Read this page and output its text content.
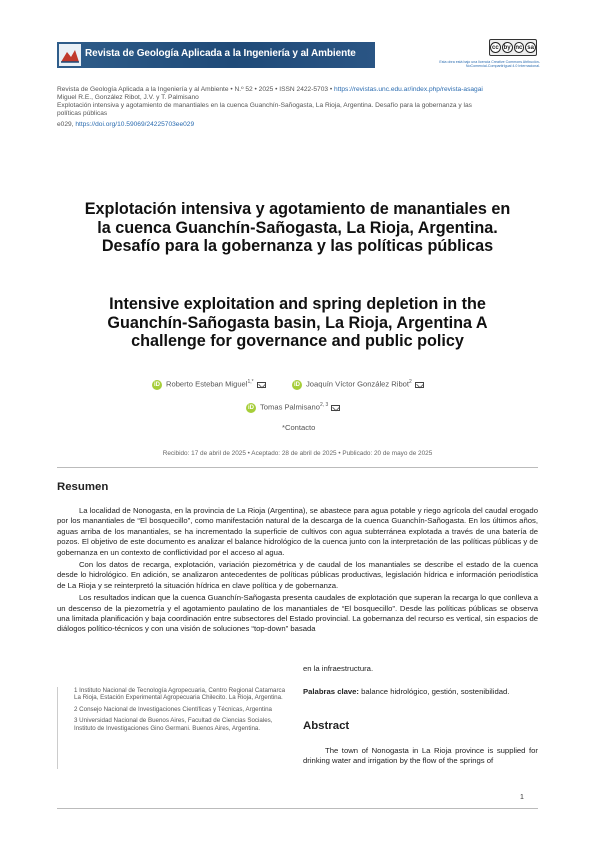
Revista de Geología Aplicada a la Ingeniería y al Ambiente
cc by nc sa
Esta obra está bajo una licencia Creative Commons Atribución-NoComercial-CompartirIgual 4.0 Internacional.
Revista de Geología Aplicada a la Ingeniería y al Ambiente • N.º 52 • 2025 • ISSN 2422-5703 • https://revistas.unc.edu.ar/index.php/revista-asagai
Miguel R.E., González Ribot, J.V. y T. Palmisano
Explotación intensiva y agotamiento de manantiales en la cuenca Guanchín-Sañogasta, La Rioja, Argentina. Desafío para la gobernanza y las
políticas públicas
e029, https://doi.org/10.59069/24225703ee029
Explotación intensiva y agotamiento de manantiales en la cuenca Guanchín-Sañogasta, La Rioja, Argentina. Desafío para la gobernanza y las políticas públicas
Intensive exploitation and spring depletion in the Guanchín-Sañogasta basin, La Rioja, Argentina A challenge for governance and public policy
iD Roberto Esteban Miguel$^{1,*}$	iD Joaquín Víctor González Ribot$^2$
iD Tomas Palmisano$^{2, 3}$
*Contacto
Recibido: 17 de abril de 2025 • Aceptado: 28 de abril de 2025 • Publicado: 20 de mayo de 2025
Resumen

La localidad de Nonogasta, en la provincia de La Rioja (Argentina), se abastece para agua potable y riego agrícola del caudal erogado por los manantiales de “El bosquecillo”, como manifestación natural de la descarga de la cuenca Guanchín-Sañogasta. En los últimos años, aguas arriba de los manantiales, se ha incrementado la superficie de cultivos con agua subterránea explotada a través de una batería de pozos. El objetivo de este documento es analizar el balance hidrológico de la cuenca junto con la interpretación de las políticas públicas y de gobernanza en un contexto de conflictividad por el acceso al agua.

Con los datos de recarga, explotación, variación piezométrica y de caudal de los manantiales se describe el estado de la cuenca desde lo hidrológico. En adición, se analizaron antecedentes de políticas públicas productivas, legislación hídrica e información periodística de La Rioja y se reinterpretó la situación hídrica en clave política y de gobernanza.

Los resultados indican que la cuenca Guanchín-Sañogasta presenta caudales de explotación que superan la recarga lo que conlleva a un descenso de la piezometría y el agotamiento paulatino de los manantiales de “El bosquecillo”. Desde las políticas públicas se observa una limitada planificación y baja coordinación entre subsectores del Estado provincial. La gobernanza del recurso es vertical, sin espacios de diálogos político-técnicos y con una visión de soluciones “top-down” basada

en la infraestructura.
Palabras clave: balance hidrológico, gestión, sostenibilidad.
1 Instituto Nacional de Tecnología Agropecuaria, Centro Regional Catamarca La Rioja, Estación Experimental Agropecuaria Chilecito. La Rioja, Argentina.
2 Consejo Nacional de Investigaciones Científicas y Técnicas, Argentina
3 Universidad Nacional de Buenos Aires, Facultad de Ciencias Sociales, Instituto de Investigaciones Gino Germani. Buenos Aires, Argentina.	Abstract
The town of Nonogasta in La Rioja province is supplied for drinking water and irrigation by the flow of the springs of
1
